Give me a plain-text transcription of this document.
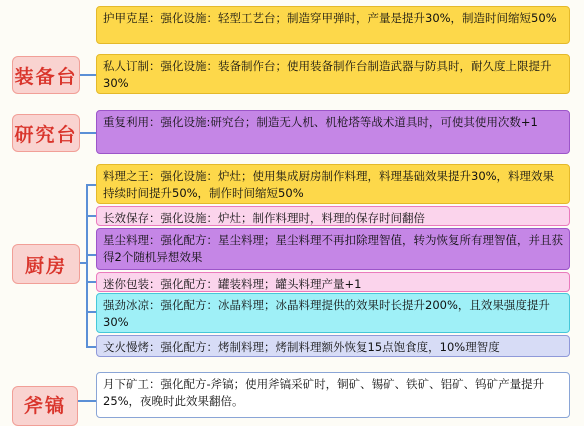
护甲克星：强化设施：轻型工艺台；制造穿甲弹时，产量是提升30%，制造时间缩短50%
装备台	私人订制：强化设施：装备制作台；使用装备制作台制造武器与防具时，耐久度上限提升30%
研究台
重复利用：强化设施:研究台；制造无人机、机枪塔等战术道具时，可使其使用次数+1
厨房
料理之王：强化设施：炉灶；使用集成厨房制作料理，料理基础效果提升30%，料理效果持续时间提升50%，制作时间缩短50%
长效保存：强化设施：炉灶；制作料理时，料理的保存时间翻倍
星尘料理：强化配方：星尘料理；星尘料理不再扣除理智值，转为恢复所有理智值，并且获得2个随机异想效果
迷你包装：强化配方：罐装料理；罐头料理产量+1
强劲冰凉：强化配方：冰晶料理；冰晶料理提供的效果时长提升200%，且效果强度提升30%
文火慢烤：强化配方：烤制料理；烤制料理额外恢复15点饱食度，10%理智度
斧镐
月下矿工：强化配方-斧镐；使用斧镐采矿时，铜矿、锡矿、铁矿、铝矿、钨矿产量提升25%，夜晚时此效果翻倍。
